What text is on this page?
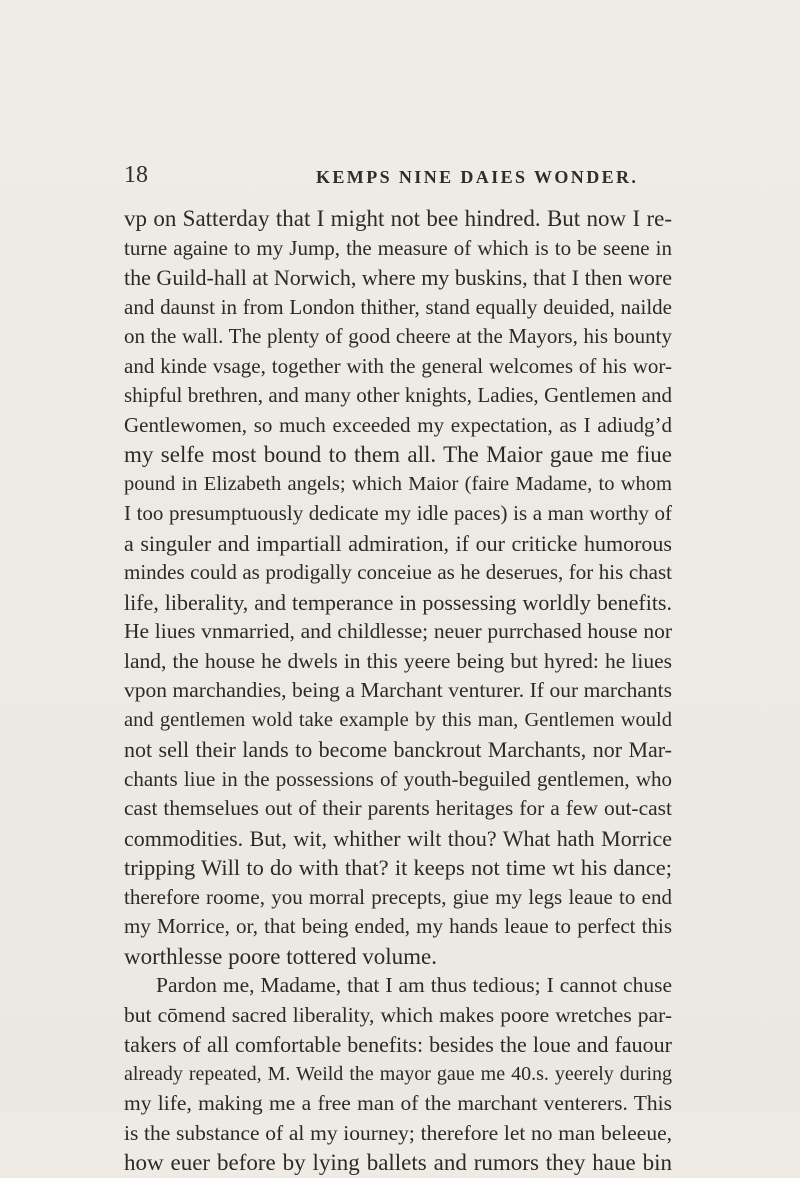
18	KEMPS NINE DAIES WONDER.
vp on Satterday that I might not bee hindred. But now I re-
turne againe to my Jump, the measure of which is to be seene in
the Guild-hall at Norwich, where my buskins, that I then wore
and daunst in from London thither, stand equally deuided, nailde
on the wall. The plenty of good cheere at the Mayors, his bounty
and kinde vsage, together with the general welcomes of his wor-
shipful brethren, and many other knights, Ladies, Gentlemen and
Gentlewomen, so much exceeded my expectation, as I adiudg’d
my selfe most bound to them all. The Maior gaue me fiue
pound in Elizabeth angels; which Maior (faire Madame, to whom
I too presumptuously dedicate my idle paces) is a man worthy of
a singuler and impartiall admiration, if our criticke humorous
mindes could as prodigally conceiue as he deserues, for his chast
life, liberality, and temperance in possessing worldly benefits.
He liues vnmarried, and childlesse; neuer purrchased house nor
land, the house he dwels in this yeere being but hyred: he liues
vpon marchandies, being a Marchant venturer. If our marchants
and gentlemen wold take example by this man, Gentlemen would
not sell their lands to become banckrout Marchants, nor Mar-
chants liue in the possessions of youth-beguiled gentlemen, who
cast themselues out of their parents heritages for a few out-cast
commodities. But, wit, whither wilt thou? What hath Morrice
tripping Will to do with that? it keeps not time wt his dance;
therefore roome, you morral precepts, giue my legs leaue to end
my Morrice, or, that being ended, my hands leaue to perfect this
worthlesse poore tottered volume.
Pardon me, Madame, that I am thus tedious; I cannot chuse
but cōmend sacred liberality, which makes poore wretches par-
takers of all comfortable benefits: besides the loue and fauour
already repeated, M. Weild the mayor gaue me 40.s. yeerely during
my life, making me a free man of the marchant venterers. This
is the substance of al my iourney; therefore let no man beleeue,
how euer before by lying ballets and rumors they haue bin
